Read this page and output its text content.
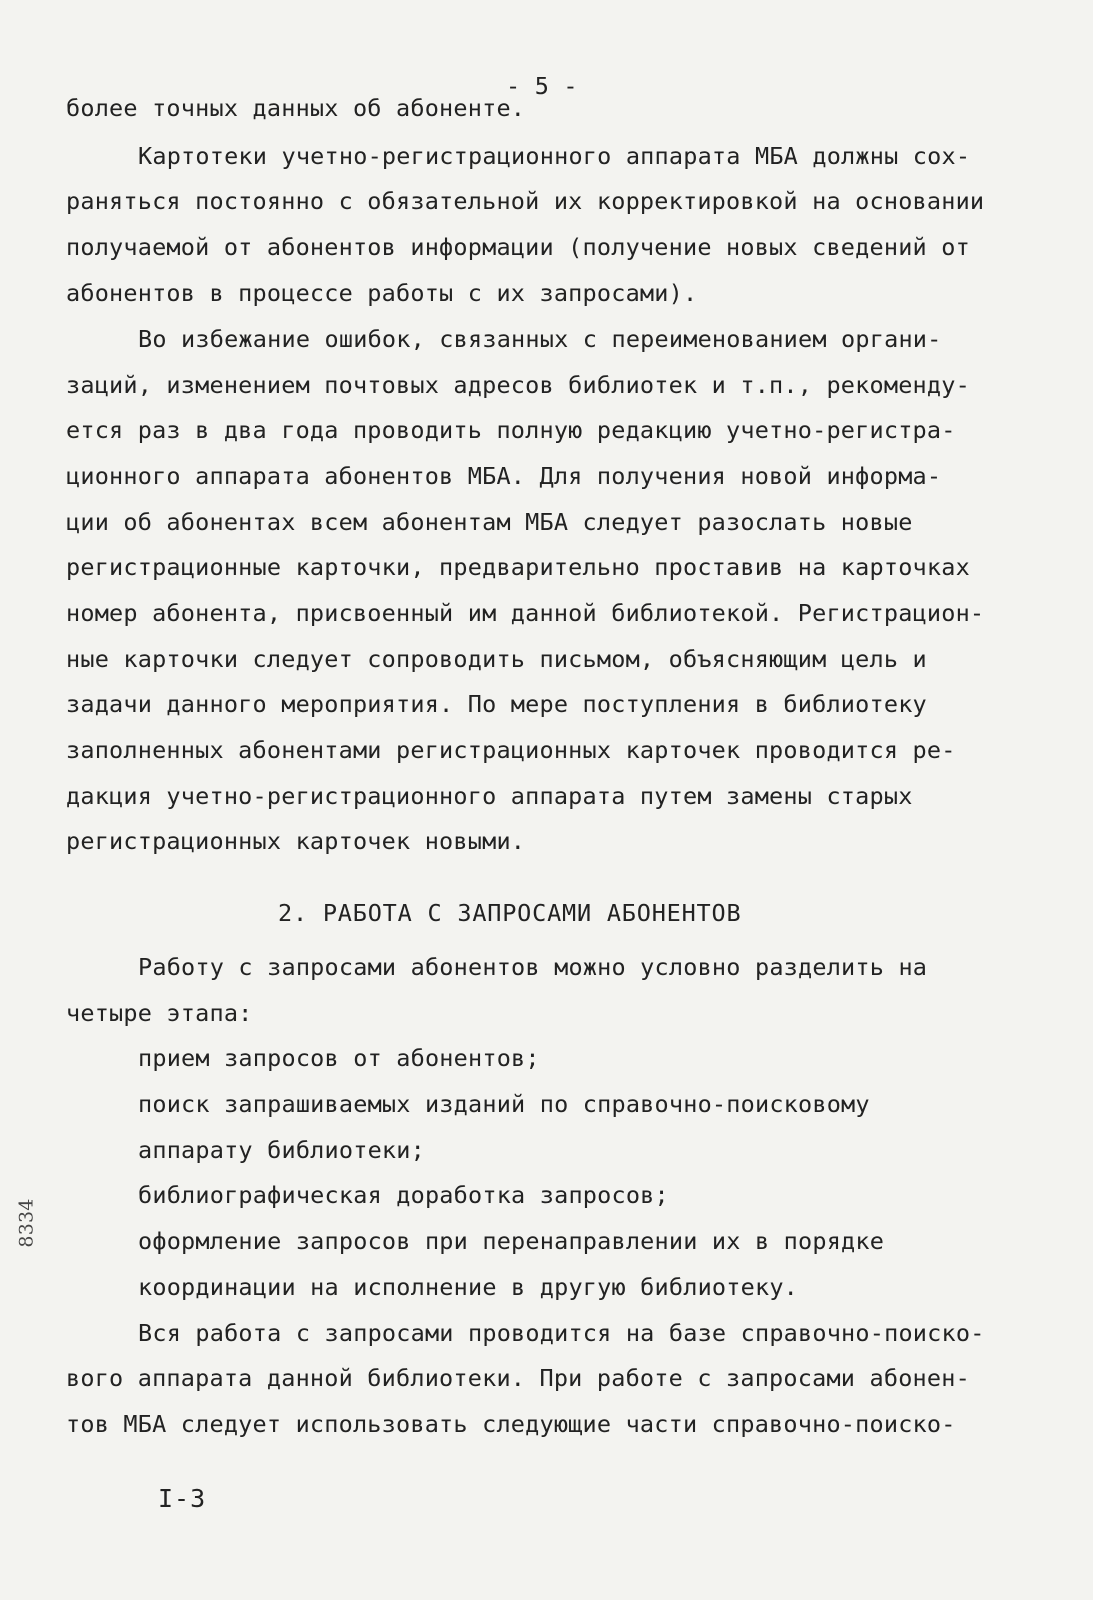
- 5 -
более точных данных об абоненте.
Картотеки учетно-регистрационного аппарата МБА должны сох-
раняться постоянно с обязательной их корректировкой на основании
получаемой от абонентов информации (получение новых сведений от
абонентов в процессе работы с их запросами).
Во избежание ошибок, связанных с переименованием органи-
заций, изменением почтовых адресов библиотек и т.п., рекоменду-
ется раз в два года проводить полную редакцию учетно-регистра-
ционного аппарата абонентов МБА. Для получения новой информа-
ции об абонентах всем абонентам МБА следует разослать новые
регистрационные карточки, предварительно проставив на карточках
номер абонента, присвоенный им данной библиотекой. Регистрацион-
ные карточки следует сопроводить письмом, объясняющим цель и
задачи данного мероприятия. По мере поступления в библиотеку
заполненных абонентами регистрационных карточек проводится ре-
дакция учетно-регистрационного аппарата путем замены старых
регистрационных карточек новыми.
2. РАБОТА С ЗАПРОСАМИ АБОНЕНТОВ
Работу с запросами абонентов можно условно разделить на
четыре этапа:
прием запросов от абонентов;
поиск запрашиваемых изданий по справочно-поисковому
аппарату библиотеки;
библиографическая доработка запросов;
оформление запросов при перенаправлении их в порядке
координации на исполнение в другую библиотеку.
Вся работа с запросами проводится на базе справочно-поиско-
вого аппарата данной библиотеки. При работе с запросами абонен-
тов МБА следует использовать следующие части справочно-поиско-
I-3
8334
